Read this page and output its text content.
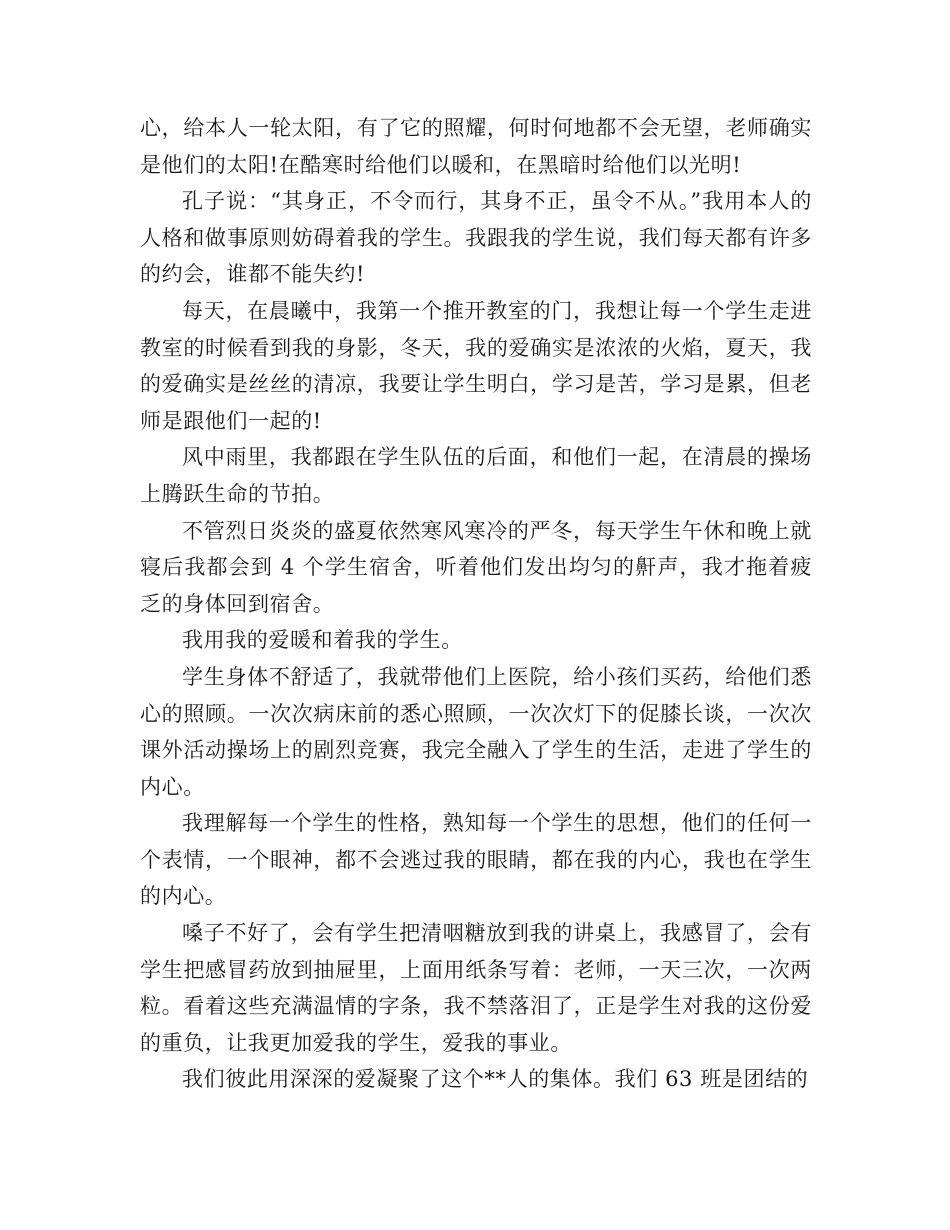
心，给本人一轮太阳，有了它的照耀，何时何地都不会无望，老师确实是他们的太阳!在酷寒时给他们以暖和，在黑暗时给他们以光明!

孔子说：“其身正，不令而行，其身不正，虽令不从。”我用本人的人格和做事原则妨碍着我的学生。我跟我的学生说，我们每天都有许多的约会，谁都不能失约!

每天，在晨曦中，我第一个推开教室的门，我想让每一个学生走进教室的时候看到我的身影，冬天，我的爱确实是浓浓的火焰，夏天，我的爱确实是丝丝的清凉，我要让学生明白，学习是苦，学习是累，但老师是跟他们一起的!

风中雨里，我都跟在学生队伍的后面，和他们一起，在清晨的操场上腾跃生命的节拍。

不管烈日炎炎的盛夏依然寒风寒冷的严冬，每天学生午休和晚上就寝后我都会到 4 个学生宿舍，听着他们发出均匀的鼾声，我才拖着疲乏的身体回到宿舍。

我用我的爱暖和着我的学生。

学生身体不舒适了，我就带他们上医院，给小孩们买药，给他们悉心的照顾。一次次病床前的悉心照顾，一次次灯下的促膝长谈，一次次课外活动操场上的剧烈竞赛，我完全融入了学生的生活，走进了学生的内心。

我理解每一个学生的性格，熟知每一个学生的思想，他们的任何一个表情，一个眼神，都不会逃过我的眼睛，都在我的内心，我也在学生的内心。

嗓子不好了，会有学生把清咽糖放到我的讲桌上，我感冒了，会有学生把感冒药放到抽屉里，上面用纸条写着：老师，一天三次，一次两粒。看着这些充满温情的字条，我不禁落泪了，正是学生对我的这份爱的重负，让我更加爱我的学生，爱我的事业。

我们彼此用深深的爱凝聚了这个**人的集体。我们 63 班是团结的
